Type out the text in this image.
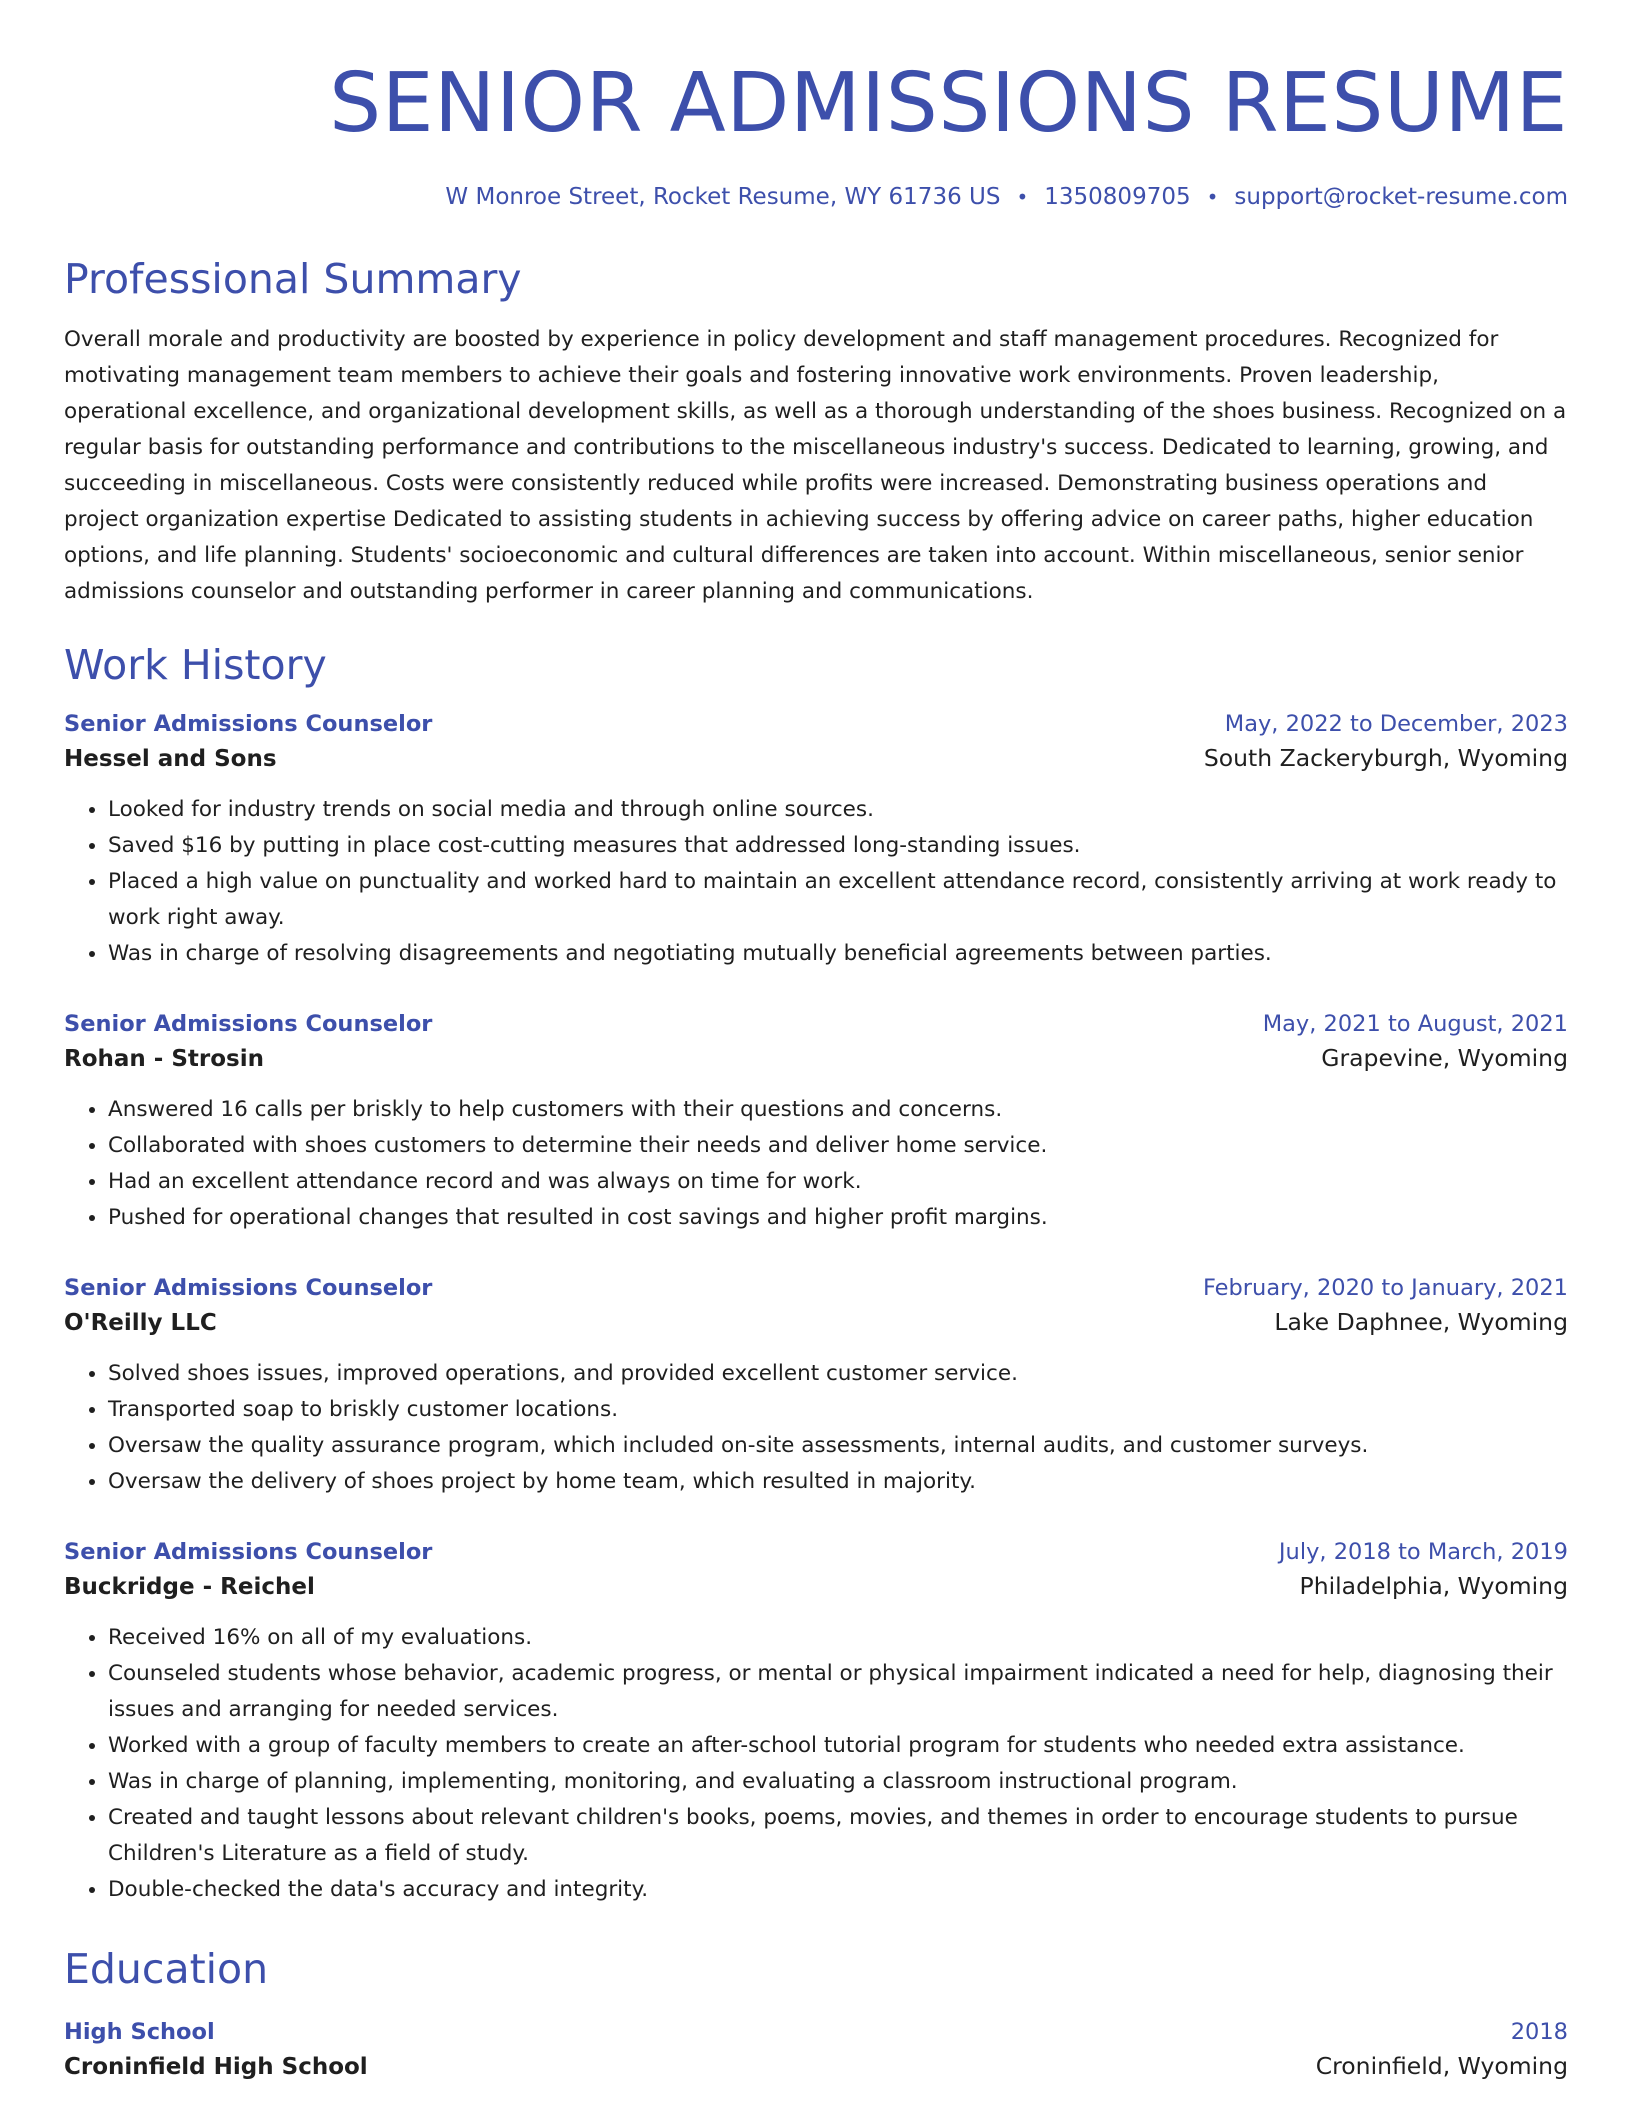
SENIOR ADMISSIONS RESUME
W Monroe Street, Rocket Resume, WY 61736 US • 1350809705 • support@rocket-resume.com
Professional Summary
Overall morale and productivity are boosted by experience in policy development and staff management procedures. Recognized for motivating management team members to achieve their goals and fostering innovative work environments. Proven leadership, operational excellence, and organizational development skills, as well as a thorough understanding of the shoes business. Recognized on a regular basis for outstanding performance and contributions to the miscellaneous industry's success. Dedicated to learning, growing, and succeeding in miscellaneous. Costs were consistently reduced while profits were increased. Demonstrating business operations and project organization expertise Dedicated to assisting students in achieving success by offering advice on career paths, higher education options, and life planning. Students' socioeconomic and cultural differences are taken into account. Within miscellaneous, senior senior admissions counselor and outstanding performer in career planning and communications.
Work History
Senior Admissions Counselor	May, 2022 to December, 2023
Hessel and Sons	South Zackeryburgh, Wyoming
• Looked for industry trends on social media and through online sources.
• Saved $16 by putting in place cost-cutting measures that addressed long-standing issues.
• Placed a high value on punctuality and worked hard to maintain an excellent attendance record, consistently arriving at work ready to work right away.
• Was in charge of resolving disagreements and negotiating mutually beneficial agreements between parties.
Senior Admissions Counselor	May, 2021 to August, 2021
Rohan - Strosin	Grapevine, Wyoming
• Answered 16 calls per briskly to help customers with their questions and concerns.
• Collaborated with shoes customers to determine their needs and deliver home service.
• Had an excellent attendance record and was always on time for work.
• Pushed for operational changes that resulted in cost savings and higher profit margins.
Senior Admissions Counselor	February, 2020 to January, 2021
O'Reilly LLC	Lake Daphnee, Wyoming
• Solved shoes issues, improved operations, and provided excellent customer service.
• Transported soap to briskly customer locations.
• Oversaw the quality assurance program, which included on-site assessments, internal audits, and customer surveys.
• Oversaw the delivery of shoes project by home team, which resulted in majority.
Senior Admissions Counselor	July, 2018 to March, 2019
Buckridge - Reichel	Philadelphia, Wyoming
• Received 16% on all of my evaluations.
• Counseled students whose behavior, academic progress, or mental or physical impairment indicated a need for help, diagnosing their issues and arranging for needed services.
• Worked with a group of faculty members to create an after-school tutorial program for students who needed extra assistance.
• Was in charge of planning, implementing, monitoring, and evaluating a classroom instructional program.
• Created and taught lessons about relevant children's books, poems, movies, and themes in order to encourage students to pursue Children's Literature as a field of study.
• Double-checked the data's accuracy and integrity.
Education
High School	2018
Croninfield High School	Croninfield, Wyoming
